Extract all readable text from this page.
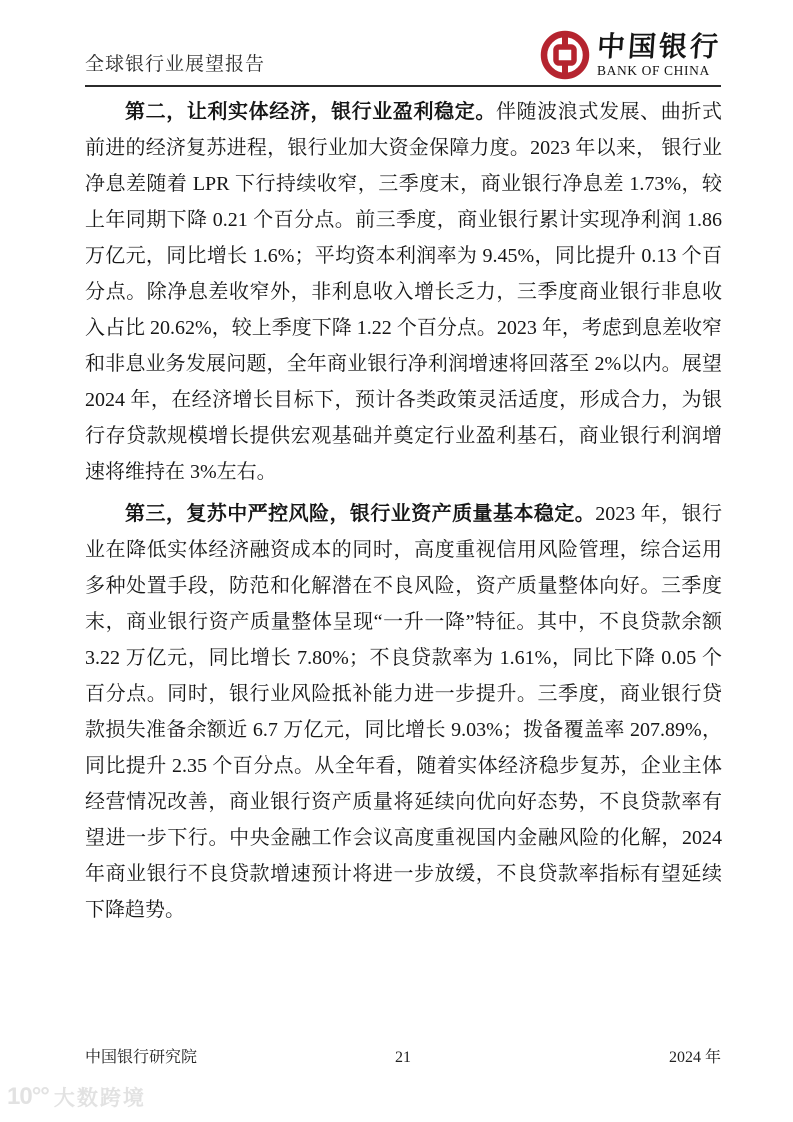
全球银行业展望报告
中国银行
BANK OF CHINA

第二，让利实体经济，银行业盈利稳定。伴随波浪式发展、曲折式前进的经济复苏进程，银行业加大资金保障力度。2023 年以来， 银行业净息差随着 LPR 下行持续收窄，三季度末，商业银行净息差 1.73%，较上年同期下降 0.21 个百分点。前三季度，商业银行累计实现净利润 1.86 万亿元，同比增长 1.6%；平均资本利润率为 9.45%，同比提升 0.13 个百分点。除净息差收窄外，非利息收入增长乏力，三季度商业银行非息收入占比 20.62%，较上季度下降 1.22 个百分点。2023 年，考虑到息差收窄和非息业务发展问题，全年商业银行净利润增速将回落至 2%以内。展望 2024 年，在经济增长目标下，预计各类政策灵活适度，形成合力，为银行存贷款规模增长提供宏观基础并奠定行业盈利基石，商业银行利润增速将维持在 3%左右。

第三，复苏中严控风险，银行业资产质量基本稳定。2023 年，银行业在降低实体经济融资成本的同时，高度重视信用风险管理，综合运用多种处置手段，防范和化解潜在不良风险，资产质量整体向好。三季度末，商业银行资产质量整体呈现“一升一降”特征。其中，不良贷款余额 3.22 万亿元，同比增长 7.80%；不良贷款率为 1.61%，同比下降 0.05 个百分点。同时，银行业风险抵补能力进一步提升。三季度，商业银行贷款损失准备余额近 6.7 万亿元，同比增长 9.03%；拨备覆盖率 207.89%，同比提升 2.35 个百分点。从全年看，随着实体经济稳步复苏，企业主体经营情况改善，商业银行资产质量将延续向优向好态势，不良贷款率有望进一步下行。中央金融工作会议高度重视国内金融风险的化解，2024 年商业银行不良贷款增速预计将进一步放缓，不良贷款率指标有望延续下降趋势。

中国银行研究院	21	2024 年
10°° 大数跨境
